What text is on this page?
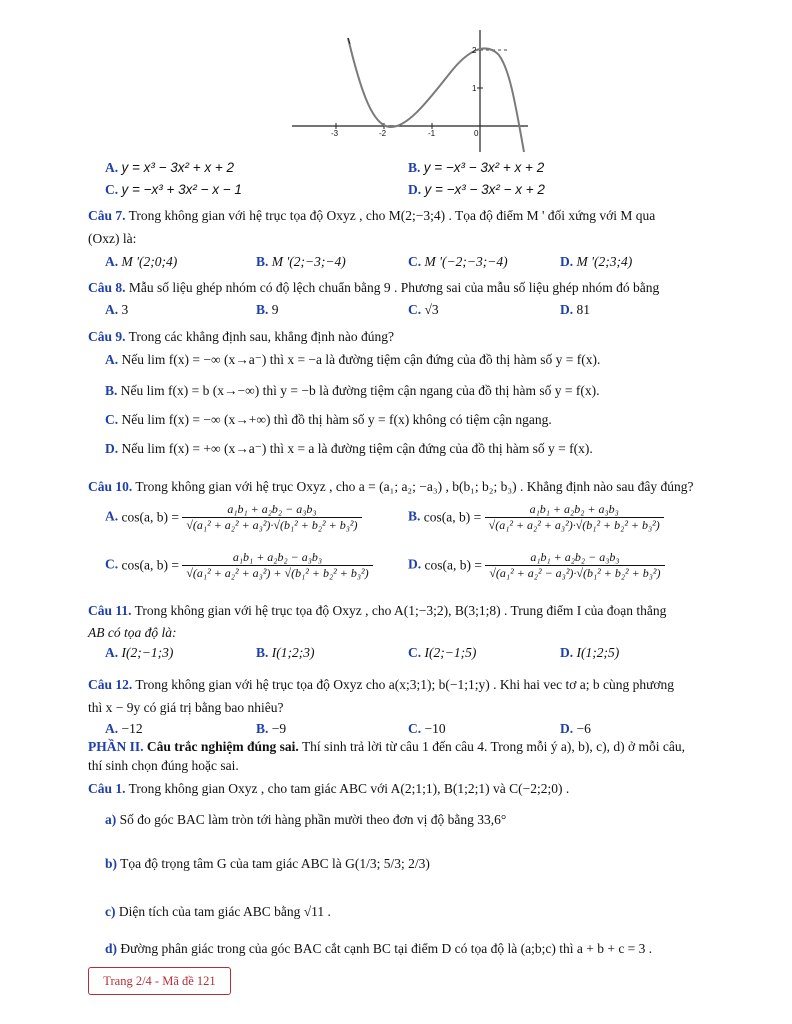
-3	-2	-1	0
1
2
A. y = x³ − 3x² + x + 2	B. y = −x³ − 3x² + x + 2
C. y = −x³ + 3x² − x − 1	D. y = −x³ − 3x² − x + 2
Câu 7. Trong không gian với hệ trục tọa độ Oxyz , cho M(2;−3;4) . Tọa độ điểm M ' đối xứng với M qua
(Oxz) là:
A. M '(2;0;4)	B. M '(2;−3;−4)	C. M '(−2;−3;−4)	D. M '(2;3;4)
Câu 8. Mẫu số liệu ghép nhóm có độ lệch chuẩn bằng 9 . Phương sai của mẫu số liệu ghép nhóm đó bằng
A. 3	B. 9	C. √3	D. 81
Câu 9. Trong các khẳng định sau, khẳng định nào đúng?
A. Nếu lim f(x) = −∞ (x→a⁻) thì x = −a là đường tiệm cận đứng của đồ thị hàm số y = f(x).
B. Nếu lim f(x) = b (x→−∞) thì y = −b là đường tiệm cận ngang của đồ thị hàm số y = f(x).
C. Nếu lim f(x) = −∞ (x→+∞) thì đồ thị hàm số y = f(x) không có tiệm cận ngang.
D. Nếu lim f(x) = +∞ (x→a⁻) thì x = a là đường tiệm cận đứng của đồ thị hàm số y = f(x).
Câu 10. Trong không gian với hệ trục Oxyz , cho a = (a₁; a₂; −a₃) , b(b₁; b₂; b₃) . Khẳng định nào sau đây đúng?
A. cos(a, $b) = \frac{\text{a₁b₁ + a₂b₂ − a₃b₃}}{\text{√(a₁² + a₂² + a₃²)·√(b₁² + b₂² + b₃²)}}$	B. cos(a, $b) = \frac{\text{a₁b₁ + a₂b₂ + a₃b₃}}{\text{√(a₁² + a₂² + a₃²)·√(b₁² + b₂² + b₃²)}}$
C. cos(a, $b) = \frac{\text{a₁b₁ + a₂b₂ − a₃b₃}}{\text{√(a₁² + a₂² + a₃²) + √(b₁² + b₂² + b₃²)}}$	D. cos(a, $b) = \frac{\text{a₁b₁ + a₂b₂ − a₃b₃}}{\text{√(a₁² + a₂² − a₃²)·√(b₁² + b₂² + b₃²)}}$
Câu 11. Trong không gian với hệ trục tọa độ Oxyz , cho A(1;−3;2), B(3;1;8) . Trung điểm I của đoạn thẳng
AB có tọa độ là:
A. I(2;−1;3)	B. I(1;2;3)	C. I(2;−1;5)	D. I(1;2;5)
Câu 12. Trong không gian với hệ trục tọa độ Oxyz cho a(x;3;1); b(−1;1;y) . Khi hai vec tơ a; b cùng phương
thì x − 9y có giá trị bằng bao nhiêu?
A. −12	B. −9	C. −10	D. −6
PHẦN II. Câu trắc nghiệm đúng sai. Thí sinh trả lời từ câu 1 đến câu 4. Trong mỗi ý a), b), c), d) ở mỗi câu,
thí sinh chọn đúng hoặc sai.
Câu 1. Trong không gian Oxyz , cho tam giác ABC với A(2;1;1), B(1;2;1) và C(−2;2;0) .
a) Số đo góc BAC làm tròn tới hàng phần mười theo đơn vị độ bằng 33,6°
b) Tọa độ trọng tâm G của tam giác ABC là G(1/3; 5/3; 2/3)
c) Diện tích của tam giác ABC bằng √11 .
d) Đường phân giác trong của góc BAC cắt cạnh BC tại điểm D có tọa độ là (a;b;c) thì a + b + c = 3 .
Trang 2/4 - Mã đề 121
